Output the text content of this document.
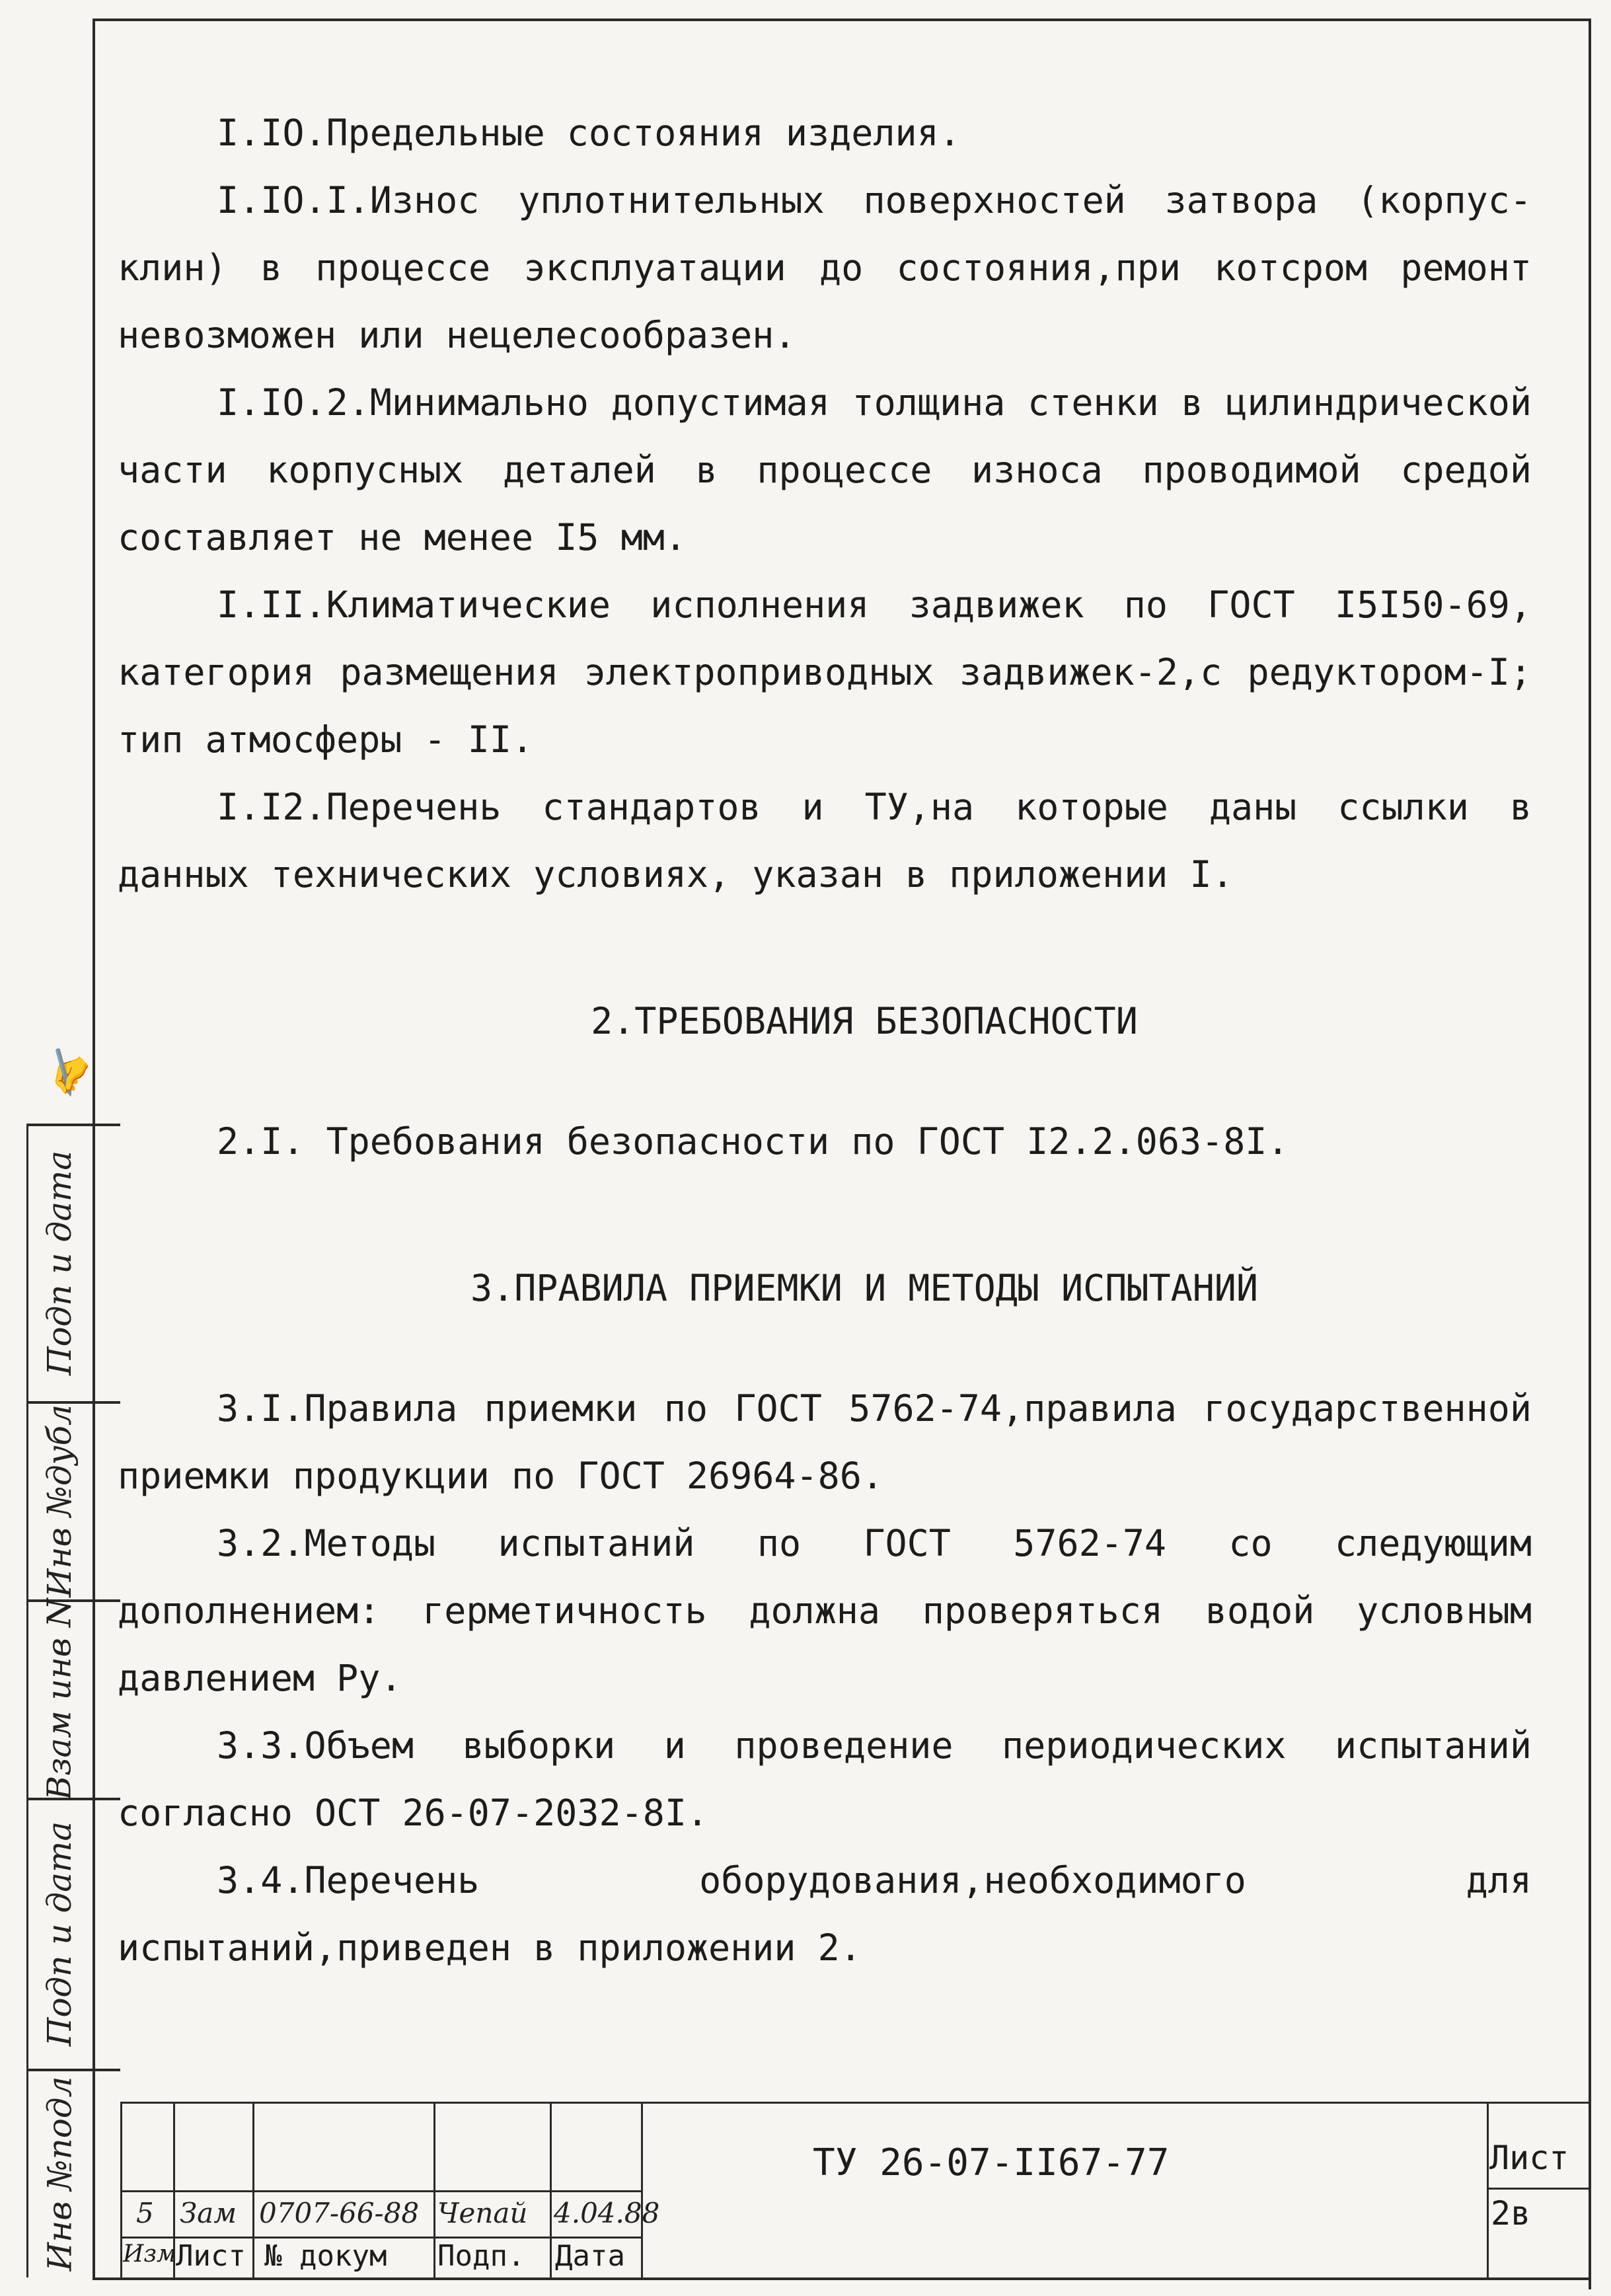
I.IO.Предельные состояния изделия.

I.IO.I.Износ уплотнительных поверхностей затвора (корпус-клин) в процессе эксплуатации до состояния,при котсром ремонт невозможен или нецелесообразен.

I.IO.2.Минимально допустимая толщина стенки в цилиндрической части корпусных деталей в процессе износа проводимой средой составляет не менее I5 мм.

I.II.Климатические исполнения задвижек по ГОСТ I5I50-69, категория размещения электроприводных задвижек-2,с редуктором-I; тип атмосферы - II.

I.I2.Перечень стандартов и ТУ,на которые даны ссылки в данных технических условиях, указан в приложении I.

2.ТРЕБОВАНИЯ БЕЗОПАСНОСТИ

2.I. Требования безопасности по ГОСТ I2.2.063-8I.

3.ПРАВИЛА ПРИЕМКИ И МЕТОДЫ ИСПЫТАНИЙ

3.I.Правила приемки по ГОСТ 5762-74,правила государственной приемки продукции по ГОСТ 26964-86.

3.2.Методы испытаний по ГОСТ 5762-74 со следующим дополнением: герметичность должна проверяться водой условным давлением Ру.

3.3.Объем выборки и проведение периодических испытаний согласно ОСТ 26-07-2032-8I.

3.4.Перечень оборудования,необходимого для испытаний,приведен в приложении 2.

✍
Подп и дата
Инв №дубл
Взам инв N
Подп и дата
Инв №подл 5 Зам 0707-66-88 Чепай 4.04.88
Изм Лист № докум Подп. Дата
ТУ 26-07-II67-77	Лист
2в
